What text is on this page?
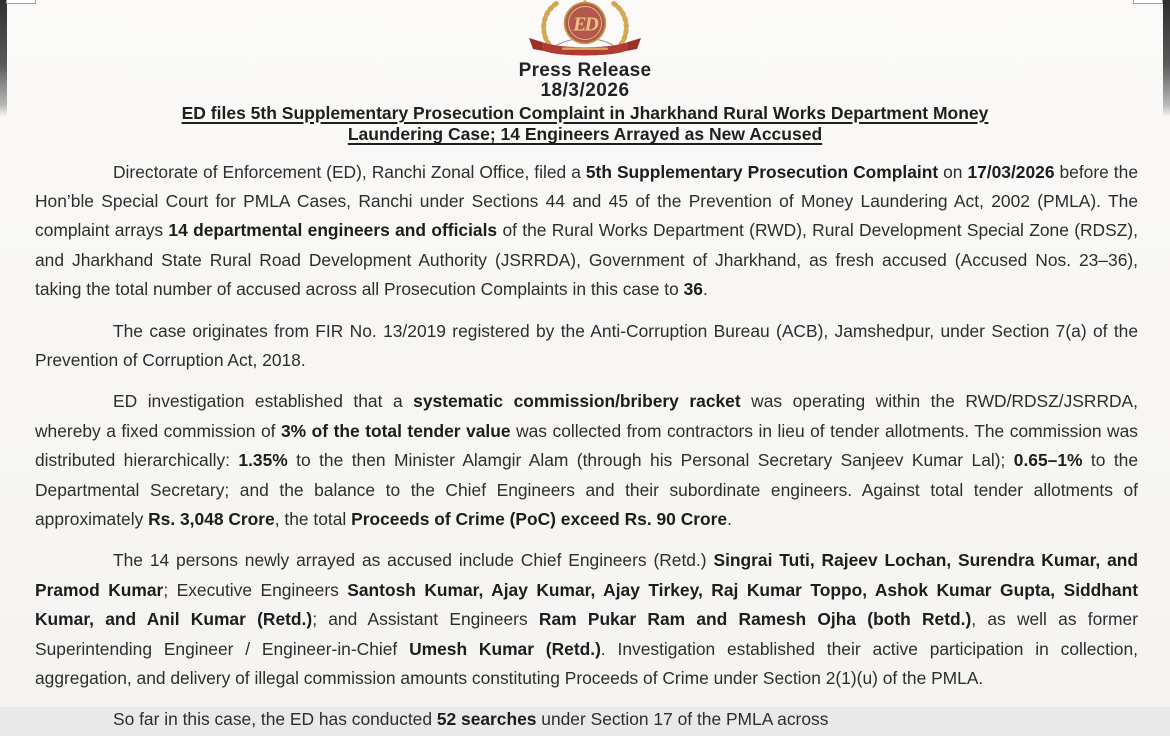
ED
Press Release
18/3/2026
ED files 5th Supplementary Prosecution Complaint in Jharkhand Rural Works Department Money
Laundering Case; 14 Engineers Arrayed as New Accused

Directorate of Enforcement (ED), Ranchi Zonal Office, filed a 5th Supplementary Prosecution Complaint on 17/03/2026 before the Hon’ble Special Court for PMLA Cases, Ranchi under Sections 44 and 45 of the Prevention of Money Laundering Act, 2002 (PMLA). The complaint arrays 14 departmental engineers and officials of the Rural Works Department (RWD), Rural Development Special Zone (RDSZ), and Jharkhand State Rural Road Development Authority (JSRRDA), Government of Jharkhand, as fresh accused (Accused Nos. 23–36), taking the total number of accused across all Prosecution Complaints in this case to 36.

The case originates from FIR No. 13/2019 registered by the Anti-Corruption Bureau (ACB), Jamshedpur, under Section 7(a) of the Prevention of Corruption Act, 2018.

ED investigation established that a systematic commission/bribery racket was operating within the RWD/RDSZ/JSRRDA, whereby a fixed commission of 3% of the total tender value was collected from contractors in lieu of tender allotments. The commission was distributed hierarchically: 1.35% to the then Minister Alamgir Alam (through his Personal Secretary Sanjeev Kumar Lal); 0.65–1% to the Departmental Secretary; and the balance to the Chief Engineers and their subordinate engineers. Against total tender allotments of approximately Rs. 3,048 Crore, the total Proceeds of Crime (PoC) exceed Rs. 90 Crore.

The 14 persons newly arrayed as accused include Chief Engineers (Retd.) Singrai Tuti, Rajeev Lochan, Surendra Kumar, and Pramod Kumar; Executive Engineers Santosh Kumar, Ajay Kumar, Ajay Tirkey, Raj Kumar Toppo, Ashok Kumar Gupta, Siddhant Kumar, and Anil Kumar (Retd.); and Assistant Engineers Ram Pukar Ram and Ramesh Ojha (both Retd.), as well as former Superintending Engineer / Engineer-in-Chief Umesh Kumar (Retd.). Investigation established their active participation in collection, aggregation, and delivery of illegal commission amounts constituting Proceeds of Crime under Section 2(1)(u) of the PMLA.

So far in this case, the ED has conducted 52 searches under Section 17 of the PMLA across
